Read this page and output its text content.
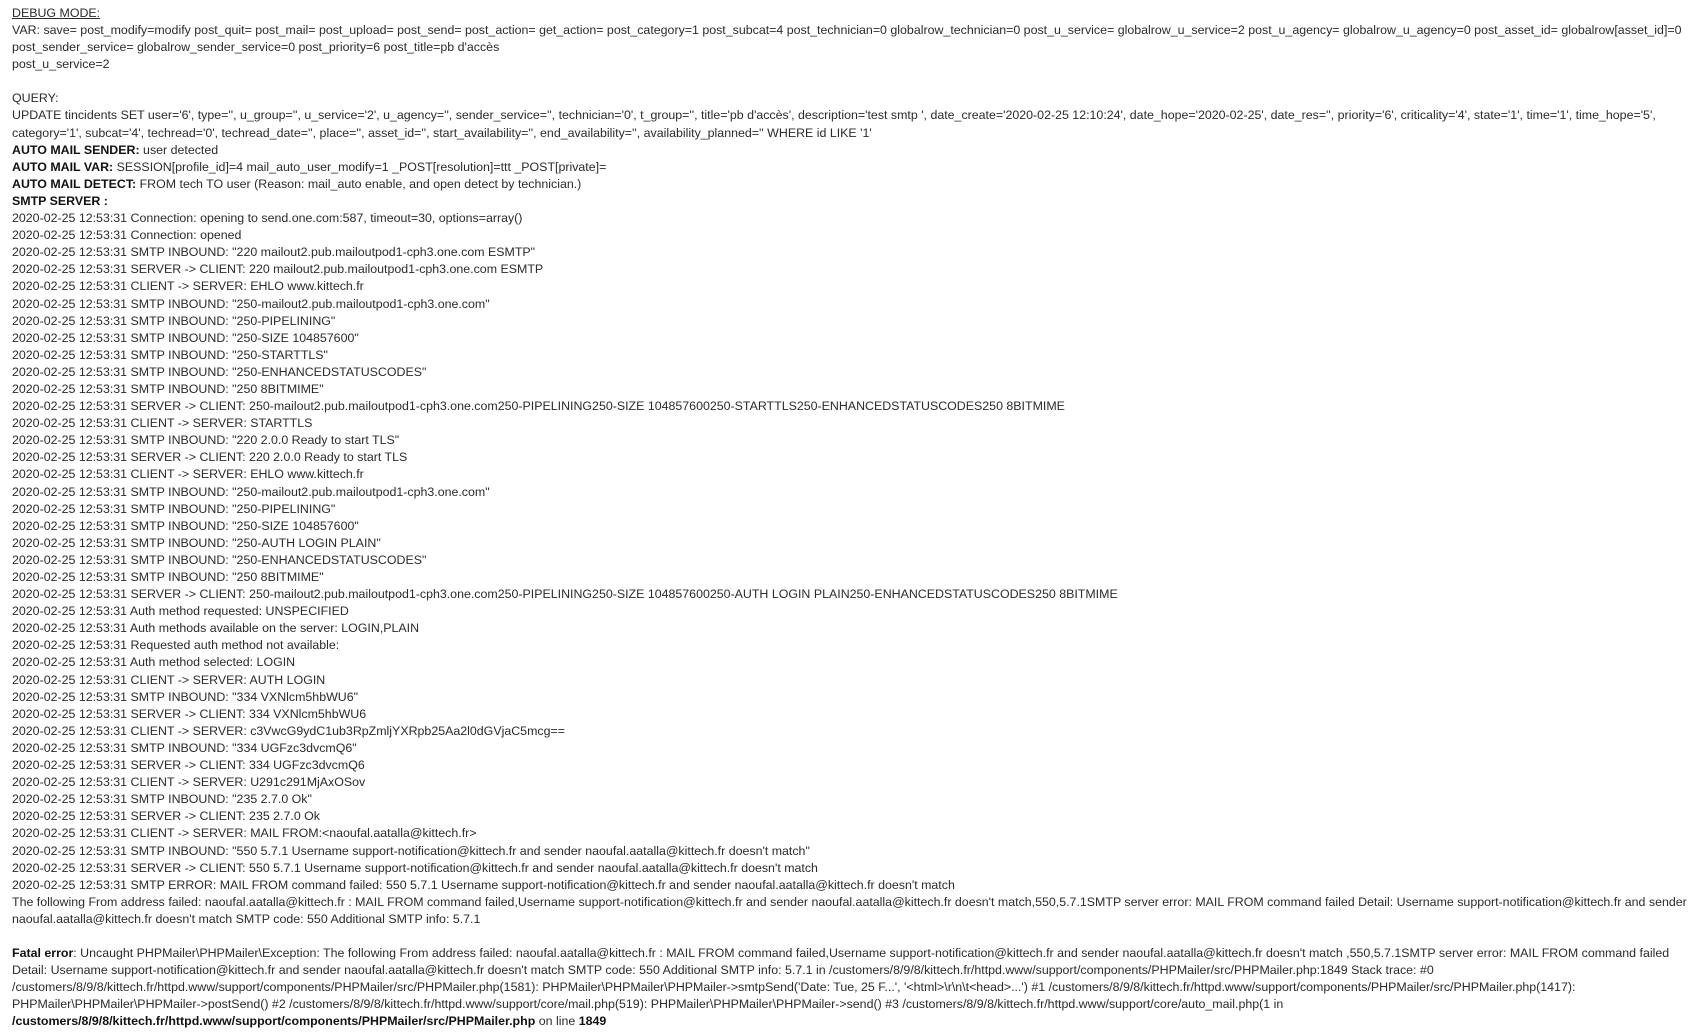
DEBUG MODE:
VAR: save= post_modify=modify post_quit= post_mail= post_upload= post_send= post_action= get_action= post_category=1 post_subcat=4 post_technician=0 globalrow_technician=0 post_u_service= globalrow_u_service=2 post_u_agency= globalrow_u_agency=0 post_asset_id= globalrow[asset_id]=0 post_sender_service= globalrow_sender_service=0 post_priority=6 post_title=pb d'accès
post_u_service=2
QUERY:
UPDATE tincidents SET user='6', type='', u_group='', u_service='2', u_agency='', sender_service='', technician='0', t_group='', title='pb d'accès', description='test smtp ', date_create='2020-02-25 12:10:24', date_hope='2020-02-25', date_res='', priority='6', criticality='4', state='1', time='1', time_hope='5', category='1', subcat='4', techread='0', techread_date='', place='', asset_id='', start_availability='', end_availability='', availability_planned='' WHERE id LIKE '1'
AUTO MAIL SENDER: user detected
AUTO MAIL VAR: SESSION[profile_id]=4 mail_auto_user_modify=1 _POST[resolution]=ttt _POST[private]=
AUTO MAIL DETECT: FROM tech TO user (Reason: mail_auto enable, and open detect by technician.)
SMTP SERVER :
2020-02-25 12:53:31 Connection: opening to send.one.com:587, timeout=30, options=array()
2020-02-25 12:53:31 Connection: opened
2020-02-25 12:53:31 SMTP INBOUND: "220 mailout2.pub.mailoutpod1-cph3.one.com ESMTP"
2020-02-25 12:53:31 SERVER -> CLIENT: 220 mailout2.pub.mailoutpod1-cph3.one.com ESMTP
2020-02-25 12:53:31 CLIENT -> SERVER: EHLO www.kittech.fr
2020-02-25 12:53:31 SMTP INBOUND: "250-mailout2.pub.mailoutpod1-cph3.one.com"
2020-02-25 12:53:31 SMTP INBOUND: "250-PIPELINING"
2020-02-25 12:53:31 SMTP INBOUND: "250-SIZE 104857600"
2020-02-25 12:53:31 SMTP INBOUND: "250-STARTTLS"
2020-02-25 12:53:31 SMTP INBOUND: "250-ENHANCEDSTATUSCODES"
2020-02-25 12:53:31 SMTP INBOUND: "250 8BITMIME"
2020-02-25 12:53:31 SERVER -> CLIENT: 250-mailout2.pub.mailoutpod1-cph3.one.com250-PIPELINING250-SIZE 104857600250-STARTTLS250-ENHANCEDSTATUSCODES250 8BITMIME
2020-02-25 12:53:31 CLIENT -> SERVER: STARTTLS
2020-02-25 12:53:31 SMTP INBOUND: "220 2.0.0 Ready to start TLS"
2020-02-25 12:53:31 SERVER -> CLIENT: 220 2.0.0 Ready to start TLS
2020-02-25 12:53:31 CLIENT -> SERVER: EHLO www.kittech.fr
2020-02-25 12:53:31 SMTP INBOUND: "250-mailout2.pub.mailoutpod1-cph3.one.com"
2020-02-25 12:53:31 SMTP INBOUND: "250-PIPELINING"
2020-02-25 12:53:31 SMTP INBOUND: "250-SIZE 104857600"
2020-02-25 12:53:31 SMTP INBOUND: "250-AUTH LOGIN PLAIN"
2020-02-25 12:53:31 SMTP INBOUND: "250-ENHANCEDSTATUSCODES"
2020-02-25 12:53:31 SMTP INBOUND: "250 8BITMIME"
2020-02-25 12:53:31 SERVER -> CLIENT: 250-mailout2.pub.mailoutpod1-cph3.one.com250-PIPELINING250-SIZE 104857600250-AUTH LOGIN PLAIN250-ENHANCEDSTATUSCODES250 8BITMIME
2020-02-25 12:53:31 Auth method requested: UNSPECIFIED
2020-02-25 12:53:31 Auth methods available on the server: LOGIN,PLAIN
2020-02-25 12:53:31 Requested auth method not available:
2020-02-25 12:53:31 Auth method selected: LOGIN
2020-02-25 12:53:31 CLIENT -> SERVER: AUTH LOGIN
2020-02-25 12:53:31 SMTP INBOUND: "334 VXNlcm5hbWU6"
2020-02-25 12:53:31 SERVER -> CLIENT: 334 VXNlcm5hbWU6
2020-02-25 12:53:31 CLIENT -> SERVER: c3VwcG9ydC1ub3RpZmljYXRpb25Aa2l0dGVjaC5mcg==
2020-02-25 12:53:31 SMTP INBOUND: "334 UGFzc3dvcmQ6"
2020-02-25 12:53:31 SERVER -> CLIENT: 334 UGFzc3dvcmQ6
2020-02-25 12:53:31 CLIENT -> SERVER: U291c291MjAxOSov
2020-02-25 12:53:31 SMTP INBOUND: "235 2.7.0 Ok"
2020-02-25 12:53:31 SERVER -> CLIENT: 235 2.7.0 Ok
2020-02-25 12:53:31 CLIENT -> SERVER: MAIL FROM:<naoufal.aatalla@kittech.fr>
2020-02-25 12:53:31 SMTP INBOUND: "550 5.7.1 Username support-notification@kittech.fr and sender naoufal.aatalla@kittech.fr doesn't match"
2020-02-25 12:53:31 SERVER -> CLIENT: 550 5.7.1 Username support-notification@kittech.fr and sender naoufal.aatalla@kittech.fr doesn't match
2020-02-25 12:53:31 SMTP ERROR: MAIL FROM command failed: 550 5.7.1 Username support-notification@kittech.fr and sender naoufal.aatalla@kittech.fr doesn't match
The following From address failed: naoufal.aatalla@kittech.fr : MAIL FROM command failed,Username support-notification@kittech.fr and sender naoufal.aatalla@kittech.fr doesn't match,550,5.7.1SMTP server error: MAIL FROM command failed Detail: Username support-notification@kittech.fr and sender naoufal.aatalla@kittech.fr doesn't match SMTP code: 550 Additional SMTP info: 5.7.1
Fatal error: Uncaught PHPMailer\PHPMailer\Exception: The following From address failed: naoufal.aatalla@kittech.fr : MAIL FROM command failed,Username support-notification@kittech.fr and sender naoufal.aatalla@kittech.fr doesn't match ,550,5.7.1SMTP server error: MAIL FROM command failed Detail: Username support-notification@kittech.fr and sender naoufal.aatalla@kittech.fr doesn't match SMTP code: 550 Additional SMTP info: 5.7.1 in /customers/8/9/8/kittech.fr/httpd.www/support/components/PHPMailer/src/PHPMailer.php:1849 Stack trace: #0 /customers/8/9/8/kittech.fr/httpd.www/support/components/PHPMailer/src/PHPMailer.php(1581): PHPMailer\PHPMailer\PHPMailer->smtpSend('Date: Tue, 25 F...', '<html>\r\n\t<head>...') #1 /customers/8/9/8/kittech.fr/httpd.www/support/components/PHPMailer/src/PHPMailer.php(1417): PHPMailer\PHPMailer\PHPMailer->postSend() #2 /customers/8/9/8/kittech.fr/httpd.www/support/core/mail.php(519): PHPMailer\PHPMailer\PHPMailer->send() #3 /customers/8/9/8/kittech.fr/httpd.www/support/core/auto_mail.php(1 in
/customers/8/9/8/kittech.fr/httpd.www/support/components/PHPMailer/src/PHPMailer.php on line 1849
